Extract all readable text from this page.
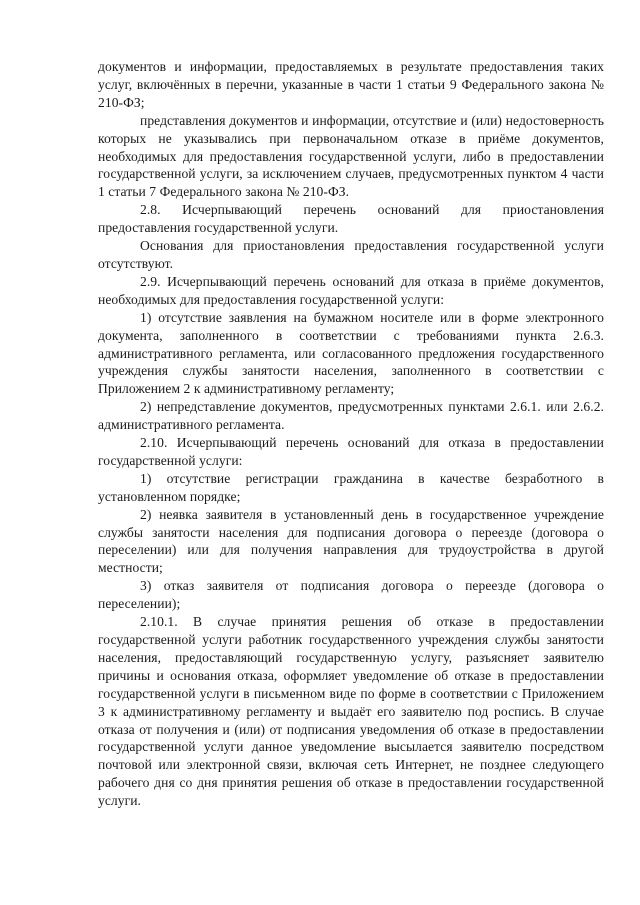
документов и информации, предоставляемых в результате предоставления таких услуг, включённых в перечни, указанные в части 1 статьи 9 Федерального закона № 210-ФЗ;

представления документов и информации, отсутствие и (или) недостоверность которых не указывались при первоначальном отказе в приёме документов, необходимых для предоставления государственной услуги, либо в предоставлении государственной услуги, за исключением случаев, предусмотренных пунктом 4 части 1 статьи 7 Федерального закона № 210-ФЗ.

2.8. Исчерпывающий перечень оснований для приостановления предоставления государственной услуги.

Основания для приостановления предоставления государственной услуги отсутствуют.

2.9. Исчерпывающий перечень оснований для отказа в приёме документов, необходимых для предоставления государственной услуги:

1) отсутствие заявления на бумажном носителе или в форме электронного документа, заполненного в соответствии с требованиями пункта 2.6.3. административного регламента, или согласованного предложения государственного учреждения службы занятости населения, заполненного в соответствии с Приложением 2 к административному регламенту;

2) непредставление документов, предусмотренных пунктами 2.6.1. или 2.6.2. административного регламента.

2.10. Исчерпывающий перечень оснований для отказа в предоставлении государственной услуги:

1) отсутствие регистрации гражданина в качестве безработного в установленном порядке;

2) неявка заявителя в установленный день в государственное учреждение службы занятости населения для подписания договора о переезде (договора о переселении) или для получения направления для трудоустройства в другой местности;

3) отказ заявителя от подписания договора о переезде (договора о переселении);

2.10.1. В случае принятия решения об отказе в предоставлении государственной услуги работник государственного учреждения службы занятости населения, предоставляющий государственную услугу, разъясняет заявителю причины и основания отказа, оформляет уведомление об отказе в предоставлении государственной услуги в письменном виде по форме в соответствии с Приложением 3 к административному регламенту и выдаёт его заявителю под роспись. В случае отказа от получения и (или) от подписания уведомления об отказе в предоставлении государственной услуги данное уведомление высылается заявителю посредством почтовой или электронной связи, включая сеть Интернет, не позднее следующего рабочего дня со дня принятия решения об отказе в предоставлении государственной услуги.
